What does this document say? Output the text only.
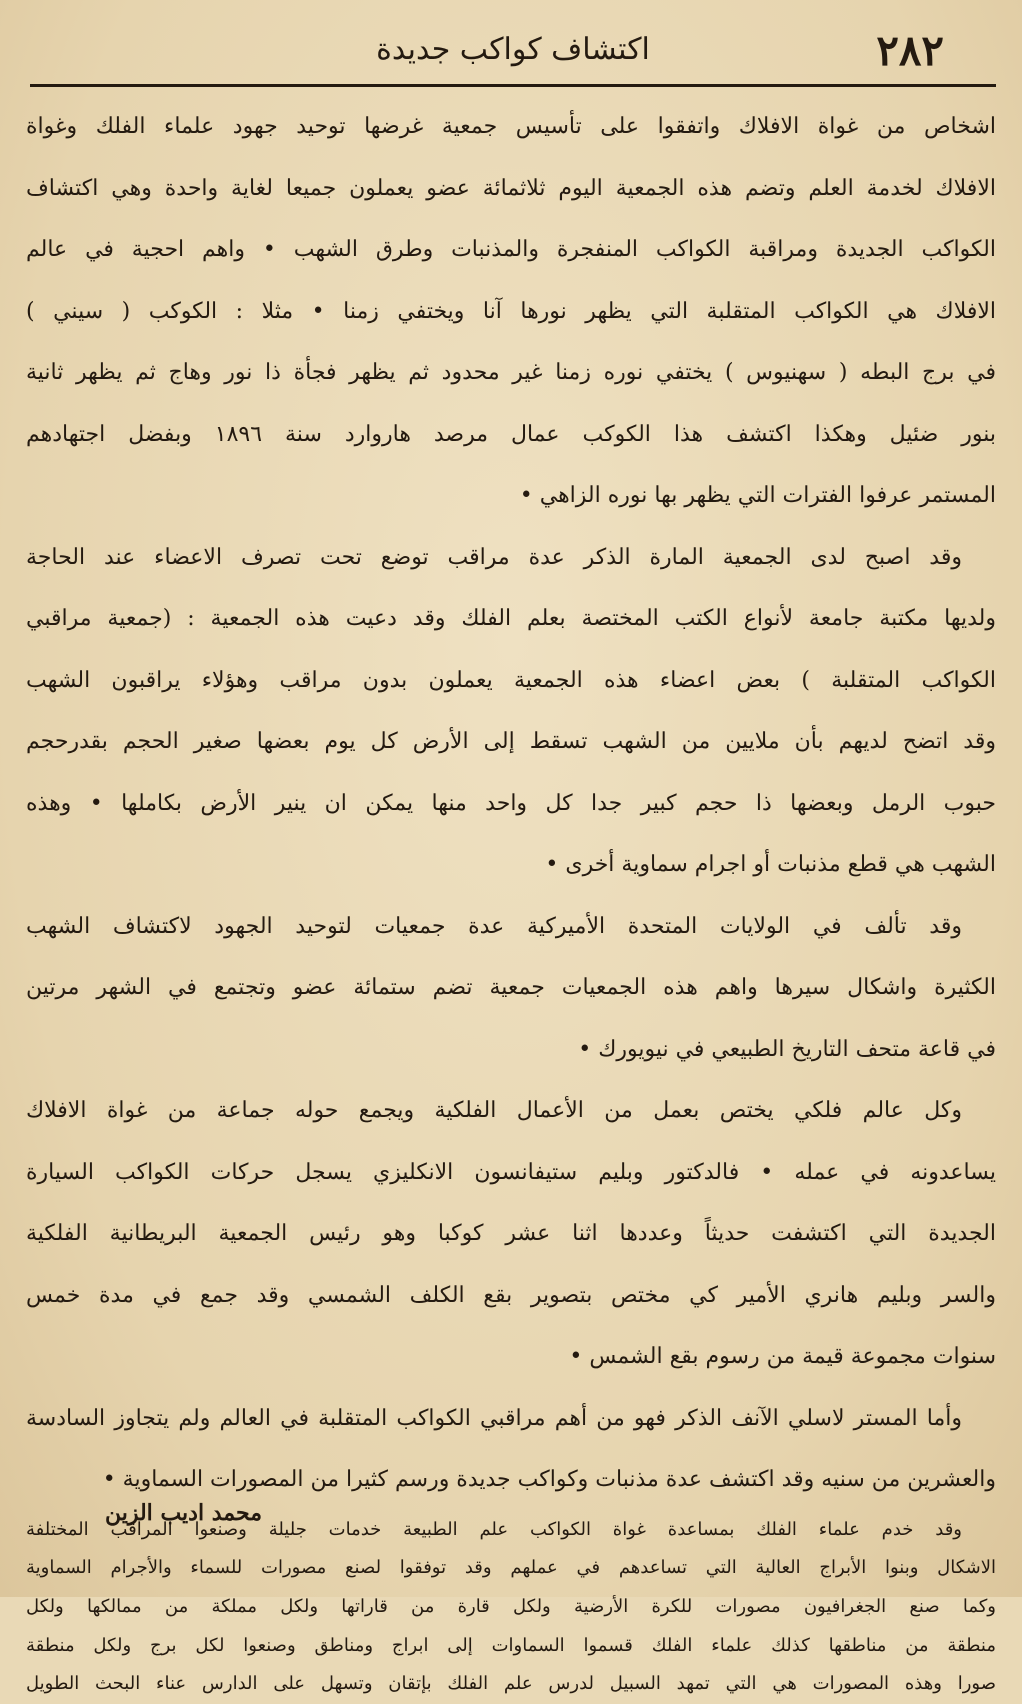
٢٨٢
اكتشاف كواكب جديدة
اشخاص من غواة الافلاك واتفقوا على تأسيس جمعية غرضها توحيد جهود علماء الفلك وغواة
الافلاك لخدمة العلم وتضم هذه الجمعية اليوم ثلاثمائة عضو يعملون جميعا لغاية واحدة وهي اكتشاف
الكواكب الجديدة ومراقبة الكواكب المنفجرة والمذنبات وطرق الشهب • واهم احجية في عالم
الافلاك هي الكواكب المتقلبة التي يظهر نورها آنا ويختفي زمنا • مثلا : الكوكب ( سيني )
في برج البطه ( سهنيوس ) يختفي نوره زمنا غير محدود ثم يظهر فجأة ذا نور وهاج ثم يظهر ثانية
بنور ضئيل وهكذا اكتشف هذا الكوكب عمال مرصد هاروارد سنة ١٨٩٦ وبفضل اجتهادهم
المستمر عرفوا الفترات التي يظهر بها نوره الزاهي •
وقد اصبح لدى الجمعية المارة الذكر عدة مراقب توضع تحت تصرف الاعضاء عند الحاجة
ولديها مكتبة جامعة لأنواع الكتب المختصة بعلم الفلك وقد دعيت هذه الجمعية : (جمعية مراقبي
الكواكب المتقلبة ) بعض اعضاء هذه الجمعية يعملون بدون مراقب وهؤلاء يراقبون الشهب
وقد اتضح لديهم بأن ملايين من الشهب تسقط إلى الأرض كل يوم بعضها صغير الحجم بقدرحجم
حبوب الرمل وبعضها ذا حجم كبير جدا كل واحد منها يمكن ان ينير الأرض بكاملها • وهذه
الشهب هي قطع مذنبات أو اجرام سماوية أخرى •
وقد تألف في الولايات المتحدة الأميركية عدة جمعيات لتوحيد الجهود لاكتشاف الشهب
الكثيرة واشكال سيرها واهم هذه الجمعيات جمعية تضم ستمائة عضو وتجتمع في الشهر مرتين
في قاعة متحف التاريخ الطبيعي في نيويورك •
وكل عالم فلكي يختص بعمل من الأعمال الفلكية ويجمع حوله جماعة من غواة الافلاك
يساعدونه في عمله • فالدكتور وبليم ستيفانسون الانكليزي يسجل حركات الكواكب السيارة
الجديدة التي اكتشفت حديثاً وعددها اثنا عشر كوكبا وهو رئيس الجمعية البريطانية الفلكية
والسر وبليم هانري الأمير كي مختص بتصوير بقع الكلف الشمسي وقد جمع في مدة خمس
سنوات مجموعة قيمة من رسوم بقع الشمس •
وأما المستر لاسلي الآنف الذكر فهو من أهم مراقبي الكواكب المتقلبة في العالم ولم يتجاوز السادسة
والعشرين من سنيه وقد اكتشف عدة مذنبات وكواكب جديدة ورسم كثيرا من المصورات السماوية •
وقد خدم علماء الفلك بمساعدة غواة الكواكب علم الطبيعة خدمات جليلة وصنعوا المراقب المختلفة
الاشكال وبنوا الأبراج العالية التي تساعدهم في عملهم وقد توفقوا لصنع مصورات للسماء والأجرام السماوية
وكما صنع الجغرافيون مصورات للكرة الأرضية ولكل قارة من قاراتها ولكل مملكة من ممالكها ولكل
منطقة من مناطقها كذلك علماء الفلك قسموا السماوات إلى ابراج ومناطق وصنعوا لكل برج ولكل منطقة
صورا وهذه المصورات هي التي تمهد السبيل لدرس علم الفلك بإتقان وتسهل على الدارس عناء البحث الطويل
محمد اديب الزين
